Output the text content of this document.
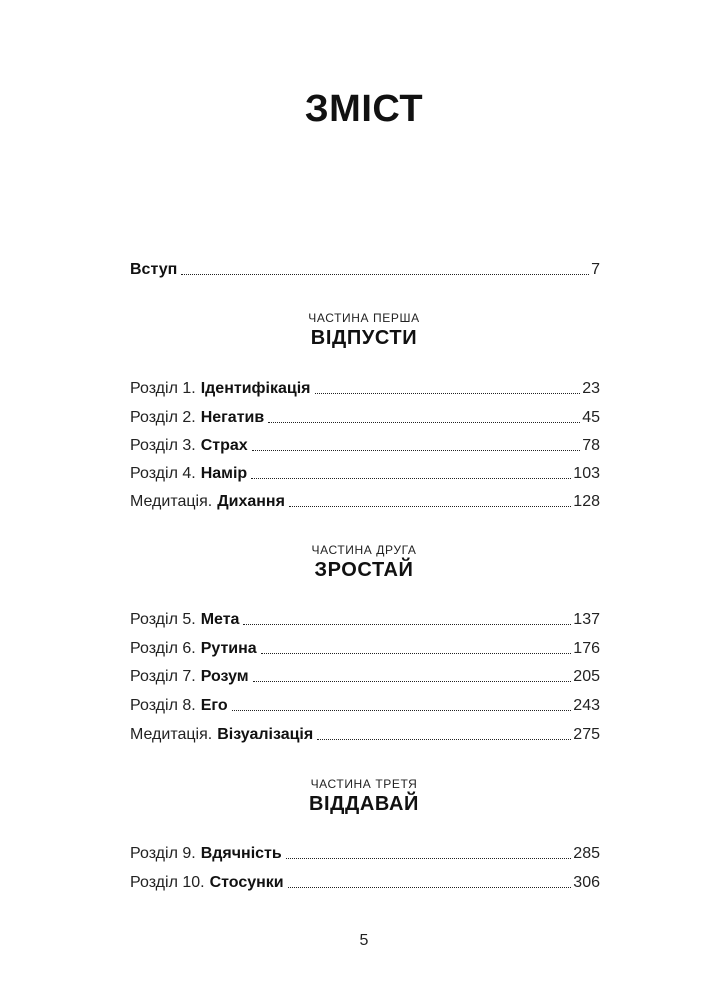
ЗМІСТ
Вступ	7
Розділ 1. Ідентифікація	23
Розділ 2. Негатив	45
Розділ 3. Страх	78
Розділ 4. Намір	103
Медитація. Дихання	128
Розділ 5. Мета	137
Розділ 6. Рутина	176
Розділ 7. Розум	205
Розділ 8. Его	243
Медитація. Візуалізація	275
Розділ 9. Вдячність	285
Розділ 10. Стосунки	306
ЧАСТИНА ПЕРША
ВІДПУСТИ
ЧАСТИНА ДРУГА
ЗРОСТАЙ
ЧАСТИНА ТРЕТЯ
ВІДДАВАЙ
5
